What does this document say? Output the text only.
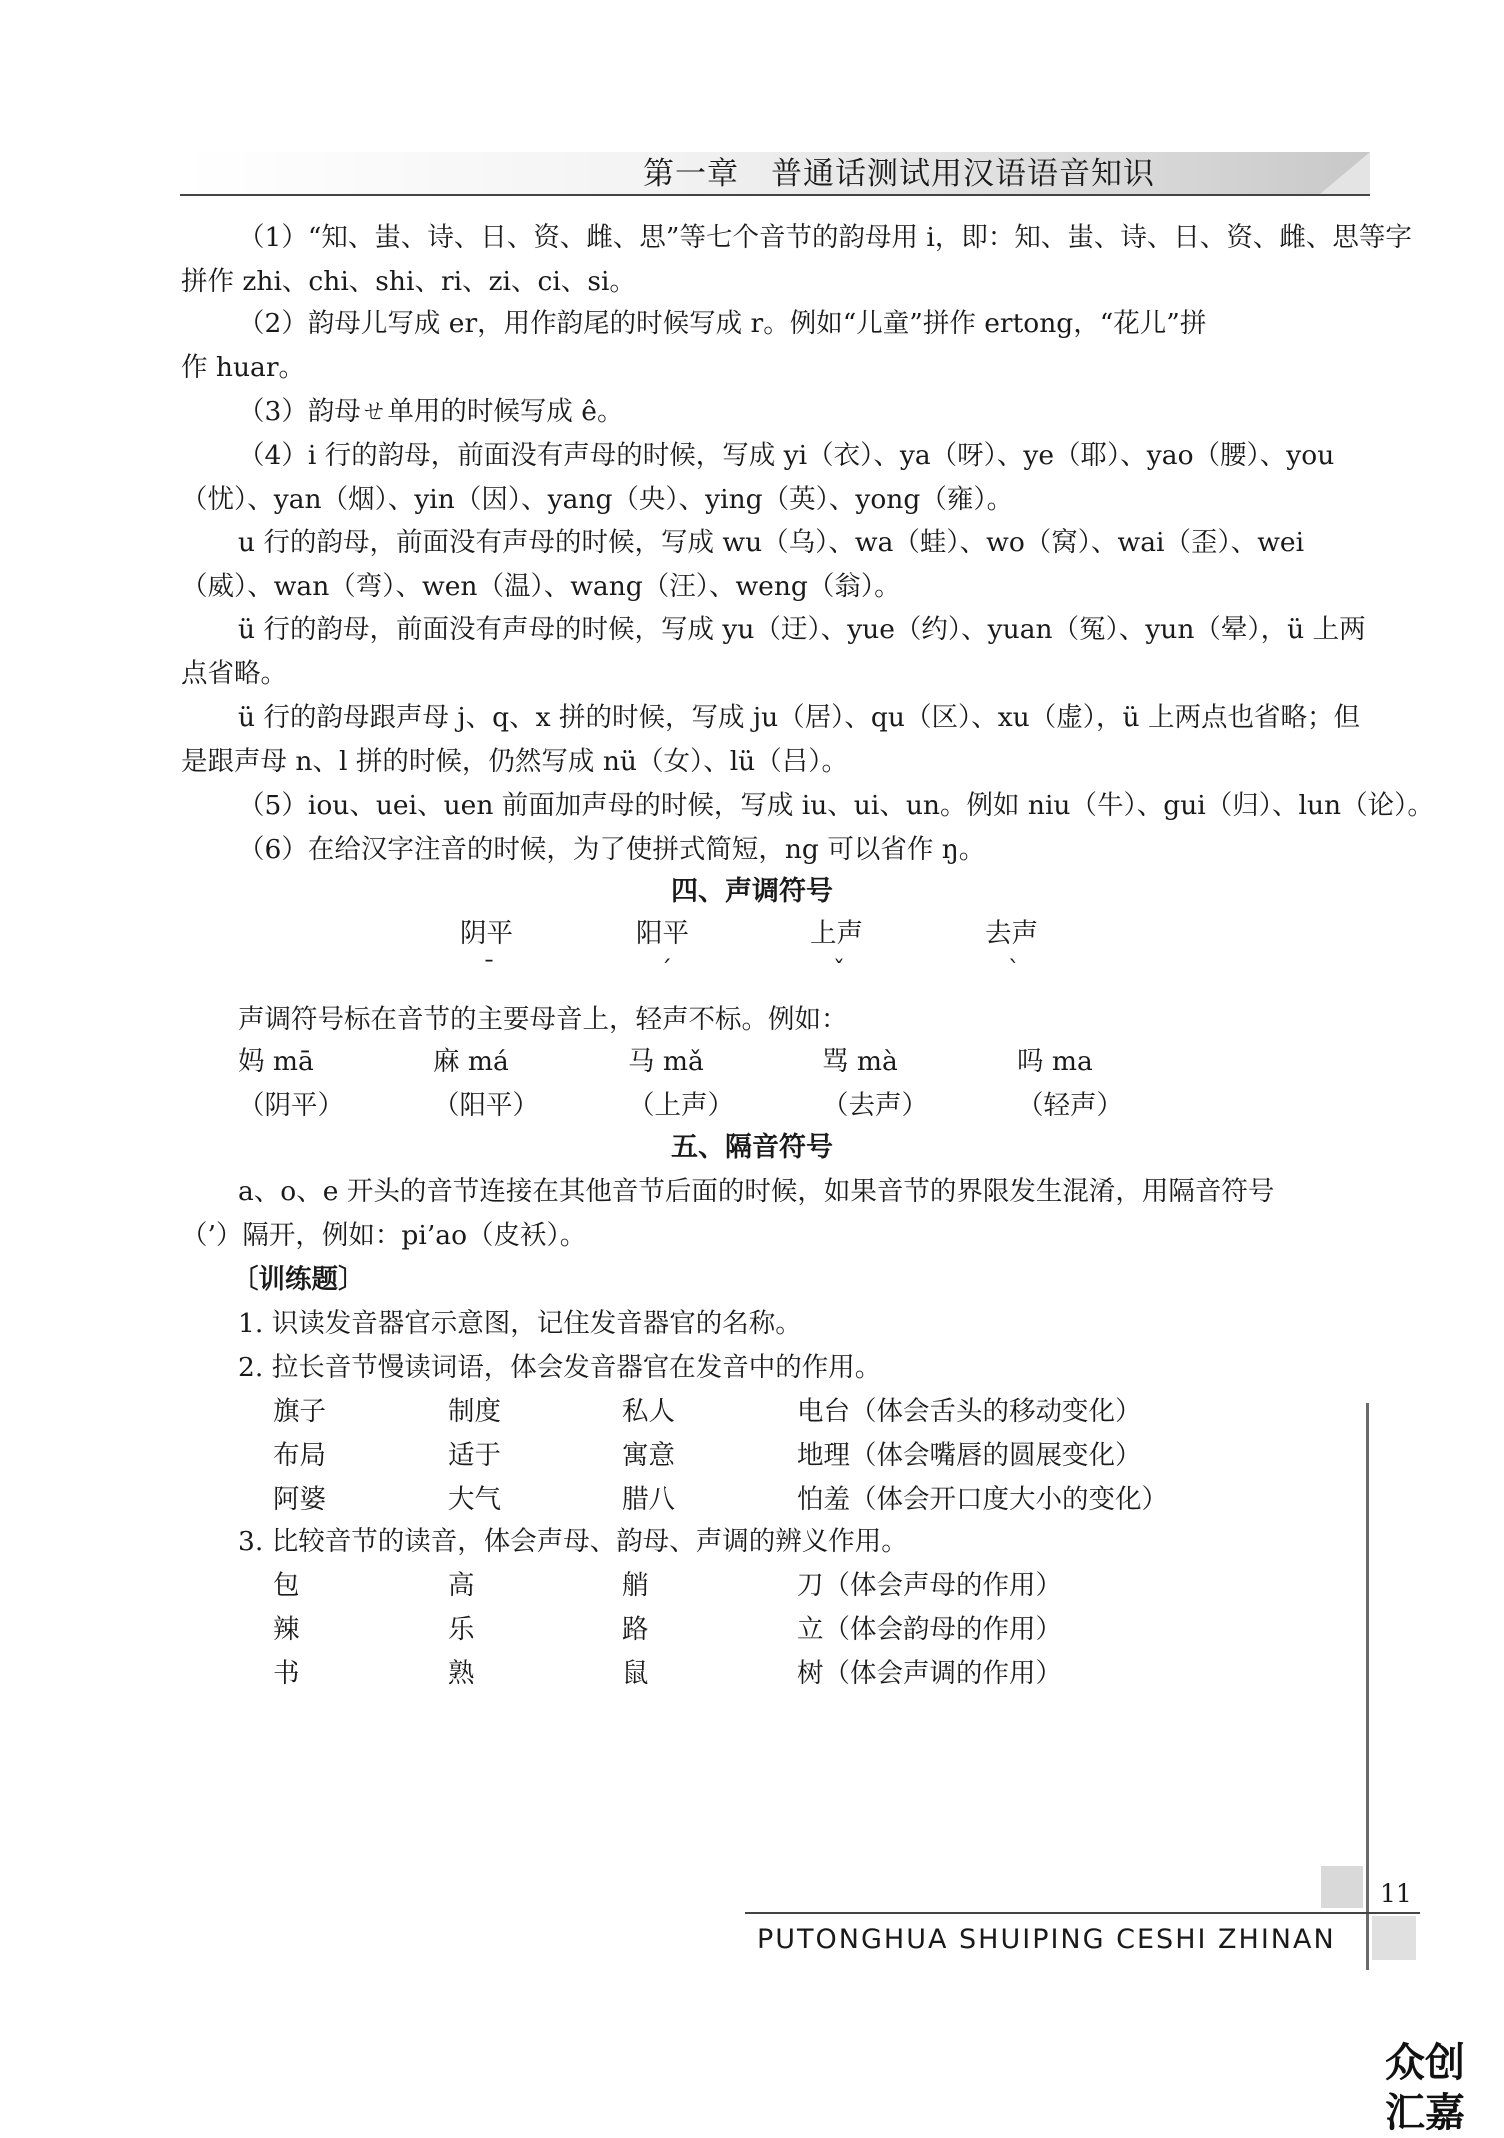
第一章　普通话测试用汉语语音知识
（1）“知、蚩、诗、日、资、雌、思”等七个音节的韵母用 i，即：知、蚩、诗、日、资、雌、思等字
拼作 zhi、chi、shi、ri、zi、ci、si。
（2）韵母儿写成 er，用作韵尾的时候写成 r。例如“儿童”拼作 ertong，“花儿”拼
作 huar。
（3）韵母ㄝ单用的时候写成 ê。
（4）i 行的韵母，前面没有声母的时候，写成 yi（衣）、ya（呀）、ye（耶）、yao（腰）、you
（忧）、yan（烟）、yin（因）、yang（央）、ying（英）、yong（雍）。
u 行的韵母，前面没有声母的时候，写成 wu（乌）、wa（蛙）、wo（窝）、wai（歪）、wei
（威）、wan（弯）、wen（温）、wang（汪）、weng（翁）。
ü 行的韵母，前面没有声母的时候，写成 yu（迂）、yue（约）、yuan（冤）、yun（晕），ü 上两
点省略。
ü 行的韵母跟声母 j、q、x 拼的时候，写成 ju（居）、qu（区）、xu（虚），ü 上两点也省略；但
是跟声母 n、l 拼的时候，仍然写成 nü（女）、lü（吕）。
（5）iou、uei、uen 前面加声母的时候，写成 iu、ui、un。例如 niu（牛）、gui（归）、lun（论）。
（6）在给汉字注音的时候，为了使拼式简短，ng 可以省作 ŋ。
四、声调符号
阴平	阳平	上声	去声
ˉ	ˊ	ˇ	ˋ
声调符号标在音节的主要母音上，轻声不标。例如：
妈 mā	麻 má	马 mǎ	骂 mà	吗 ma
（阴平）	（阳平）	（上声）	（去声）	（轻声）
五、隔音符号
a、o、e 开头的音节连接在其他音节后面的时候，如果音节的界限发生混淆，用隔音符号
（’）隔开，例如：pi’ao（皮袄）。
〔训练题〕
1. 识读发音器官示意图，记住发音器官的名称。
2. 拉长音节慢读词语，体会发音器官在发音中的作用。
旗子	制度	私人	电台（体会舌头的移动变化）
布局	适于	寓意	地理（体会嘴唇的圆展变化）
阿婆	大气	腊八	怕羞（体会开口度大小的变化）
3. 比较音节的读音，体会声母、韵母、声调的辨义作用。
包	高	艄	刀（体会声母的作用）
辣	乐	路	立（体会韵母的作用）
书	熟	鼠	树（体会声调的作用）
11
PUTONGHUA SHUIPING CESHI ZHINAN
众创汇嘉
